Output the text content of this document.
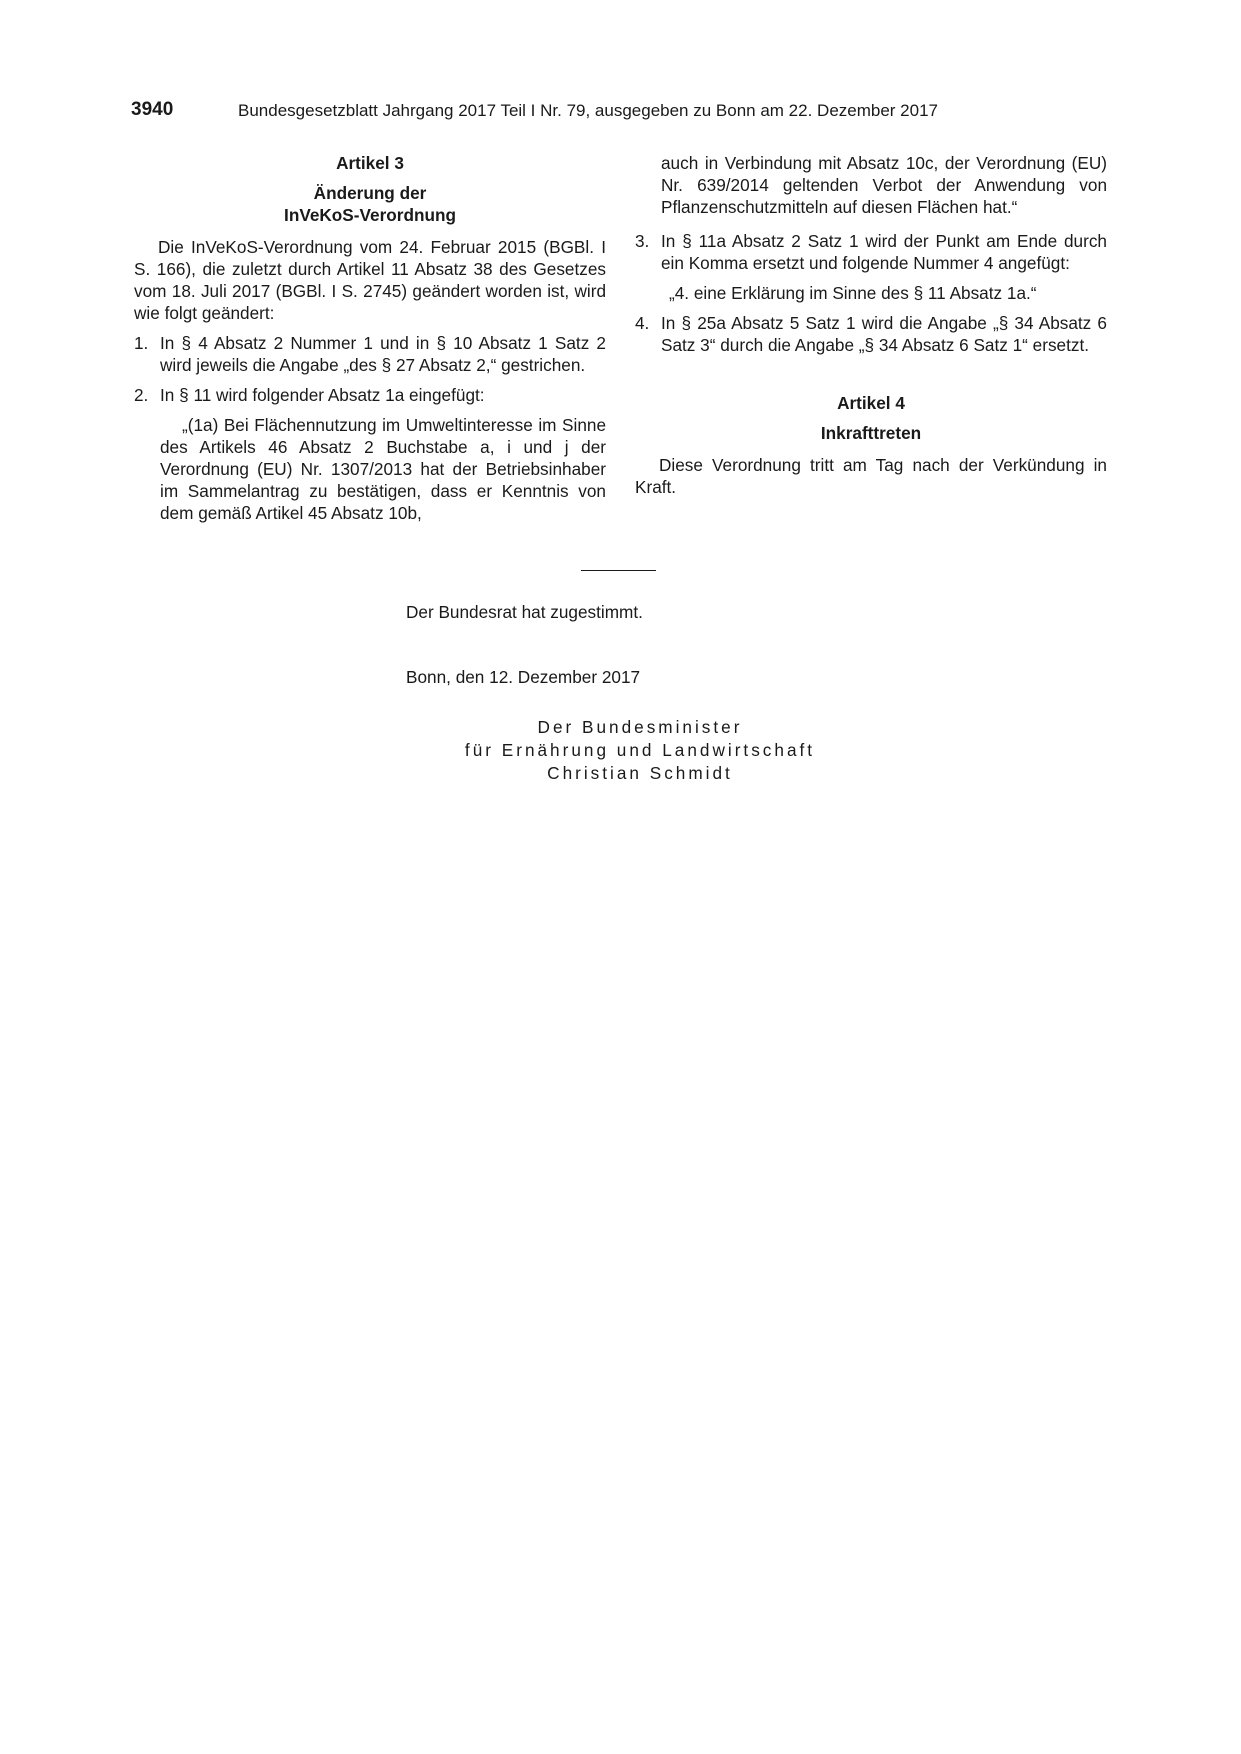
3940	Bundesgesetzblatt Jahrgang 2017 Teil I Nr. 79, ausgegeben zu Bonn am 22. Dezember 2017

Artikel 3

Änderung der

InVeKoS-Verordnung

Die InVeKoS-Verordnung vom 24. Februar 2015 (BGBl. I S. 166), die zuletzt durch Artikel 11 Absatz 38 des Gesetzes vom 18. Juli 2017 (BGBl. I S. 2745) geändert worden ist, wird wie folgt geändert:

1. In § 4 Absatz 2 Nummer 1 und in § 10 Absatz 1 Satz 2 wird jeweils die Angabe „des § 27 Absatz 2,“ gestrichen.
2. In § 11 wird folgender Absatz 1a eingefügt:

„(1a) Bei Flächennutzung im Umweltinteresse im Sinne des Artikels 46 Absatz 2 Buchstabe a, i und j der Verordnung (EU) Nr. 1307/2013 hat der Betriebsinhaber im Sammelantrag zu bestätigen, dass er Kenntnis von dem gemäß Artikel 45 Absatz 10b,

auch in Verbindung mit Absatz 10c, der Verordnung (EU) Nr. 639/2014 geltenden Verbot der Anwendung von Pflanzenschutzmitteln auf diesen Flächen hat.“

3. In § 11a Absatz 2 Satz 1 wird der Punkt am Ende durch ein Komma ersetzt und folgende Nummer 4 angefügt:

„4. eine Erklärung im Sinne des § 11 Absatz 1a.“

4. In § 25a Absatz 5 Satz 1 wird die Angabe „§ 34 Absatz 6 Satz 3“ durch die Angabe „§ 34 Absatz 6 Satz 1“ ersetzt.

Artikel 4

Inkrafttreten

Diese Verordnung tritt am Tag nach der Verkündung in Kraft.

Der Bundesrat hat zugestimmt.
Bonn, den 12. Dezember 2017
Der Bundesminister
für Ernährung und Landwirtschaft
Christian Schmidt
